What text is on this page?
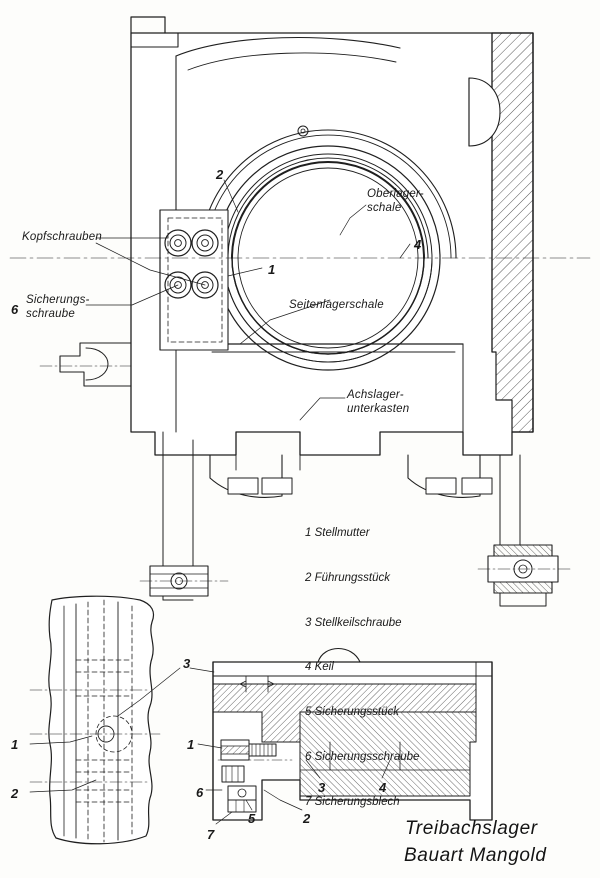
2
4
1
6
3
1	1
2	3	4
6
5	2
7
Kopfschrauben
Sicherungs-
schraube
Oberlager-
schale
Seitenlagerschale
Achslager-
unterkasten

1 Stellmutter

2 Führungsstück

3 Stellkeilschraube

4 Keil

5 Sicherungsstück

6 Sicherungsschraube

7 Sicherungsblech

Treibachslager
Bauart Mangold
